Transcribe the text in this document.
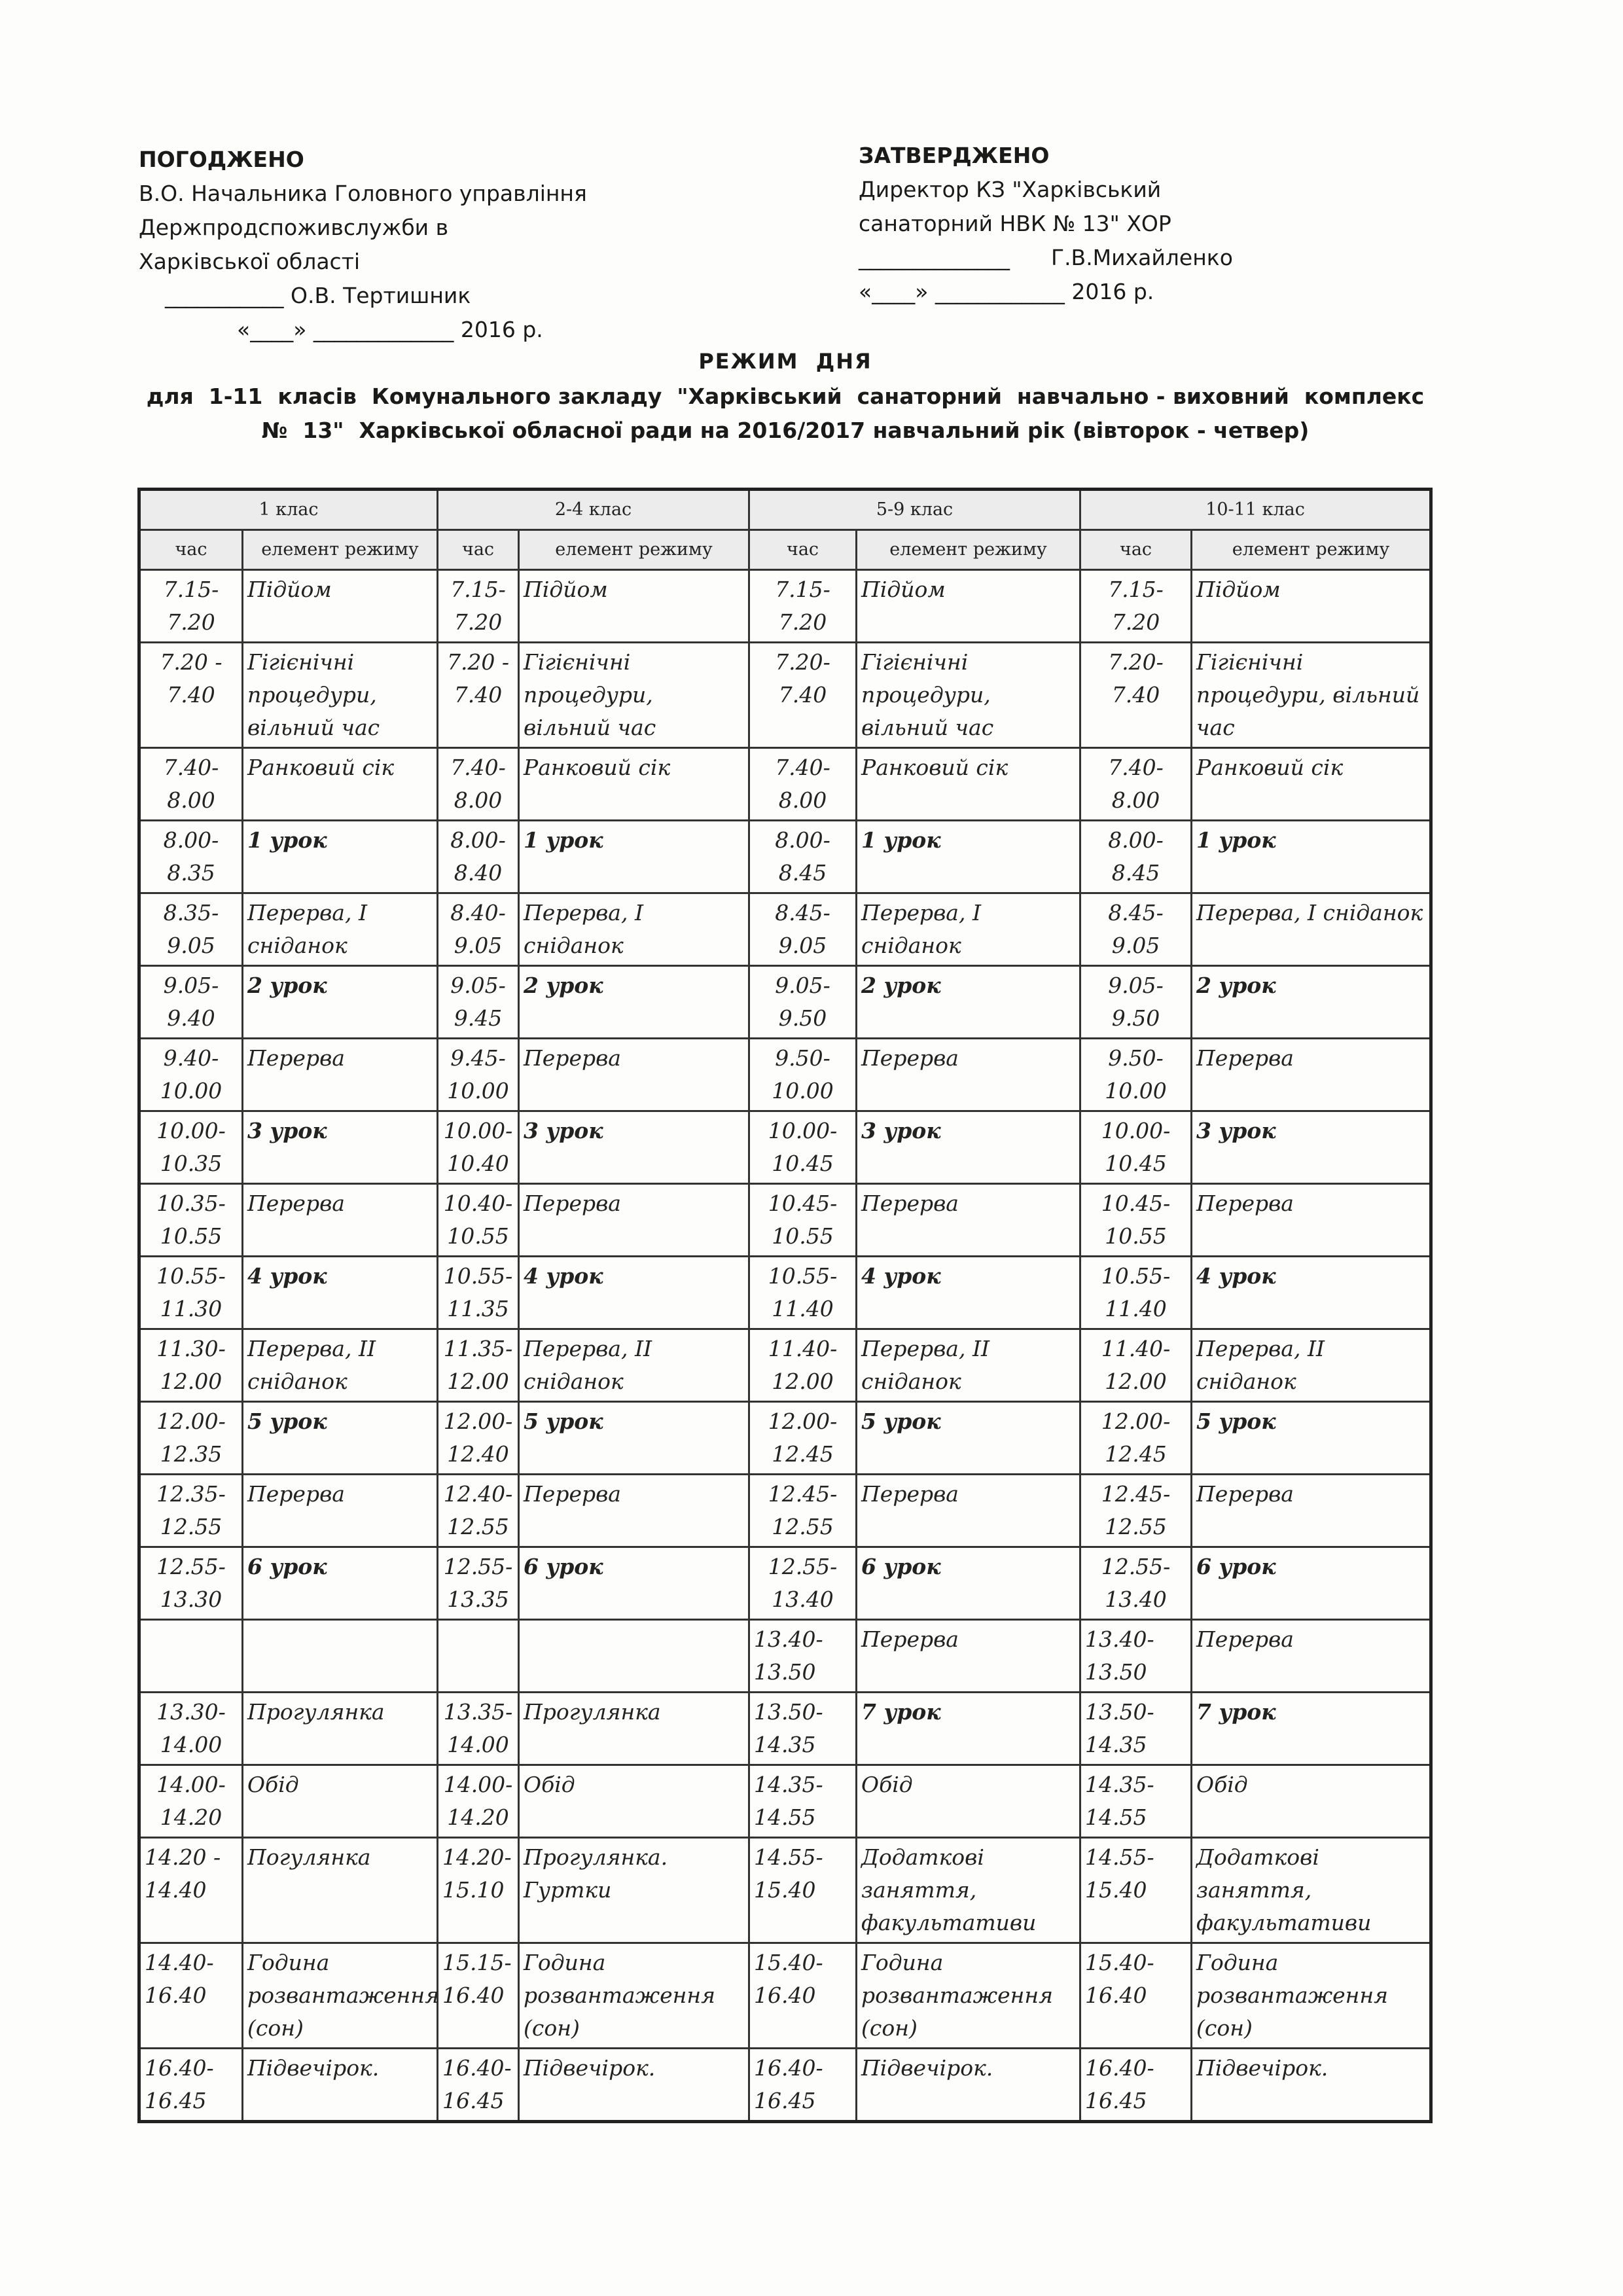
ПОГОДЖЕНО
В.О. Начальника Головного управління
Держпродспоживслужби в
Харківської області
___________ О.В. Тертишник
«____» _____________ 2016 р.
ЗАТВЕРДЖЕНО
Директор КЗ "Харківський
санаторний НВК № 13" ХОР
______________      Г.В.Михайленко
«____» ____________ 2016 р.
РЕЖИМ  ДНЯ
для  1-11  класів  Комунального закладу  "Харківський  санаторний  навчально - виховний  комплекс  №  13"  Харківської обласної ради на 2016/2017 навчальний рік (вівторок - четвер)
1 клас		2-4 клас		5-9 клас		10-11 клас	
час	елемент режиму	час	елемент режиму	час	елемент режиму	час	елемент режиму
7.15-7.20	Підйом	7.15-7.20	Підйом	7.15-7.20	Підйом	7.15-7.20	Підйом
7.20 - 7.40	Гігієнічні процедури, вільний час	7.20 - 7.40	Гігієнічні процедури, вільний час	7.20-7.40	Гігієнічні процедури, вільний час	7.20-7.40	Гігієнічні процедури, вільний час
7.40-8.00	Ранковий сік	7.40-8.00	Ранковий сік	7.40-8.00	Ранковий сік	7.40-8.00	Ранковий сік
8.00-8.35	1 урок	8.00-8.40	1 урок	8.00-8.45	1 урок	8.00-8.45	1 урок
8.35-9.05	Перерва, І сніданок	8.40-9.05	Перерва, І сніданок	8.45-9.05	Перерва, І сніданок	8.45-9.05	Перерва, І сніданок
9.05-9.40	2 урок	9.05-9.45	2 урок	9.05-9.50	2 урок	9.05-9.50	2 урок
9.40-10.00	Перерва	9.45-10.00	Перерва	9.50-10.00	Перерва	9.50-10.00	Перерва
10.00-10.35	3 урок	10.00-10.40	3 урок	10.00-10.45	3 урок	10.00-10.45	3 урок
10.35-10.55	Перерва	10.40-10.55	Перерва	10.45-10.55	Перерва	10.45-10.55	Перерва
10.55-11.30	4 урок	10.55-11.35	4 урок	10.55-11.40	4 урок	10.55-11.40	4 урок
11.30-12.00	Перерва, ІІ сніданок	11.35-12.00	Перерва, ІІ сніданок	11.40-12.00	Перерва, ІІ сніданок	11.40-12.00	Перерва, ІІ сніданок
12.00-12.35	5 урок	12.00-12.40	5 урок	12.00-12.45	5 урок	12.00-12.45	5 урок
12.35-12.55	Перерва	12.40-12.55	Перерва	12.45-12.55	Перерва	12.45-12.55	Перерва
12.55-13.30	6 урок	12.55-13.35	6 урок	12.55-13.40	6 урок	12.55-13.40	6 урок
				13.40-13.50	Перерва	13.40-13.50	Перерва
13.30-14.00	Прогулянка	13.35-14.00	Прогулянка	13.50-14.35	7 урок	13.50-14.35	7 урок
14.00-14.20	Обід	14.00-14.20	Обід	14.35-14.55	Обід	14.35-14.55	Обід
14.20 - 14.40	Погулянка	14.20-15.10	Прогулянка. Гуртки	14.55-15.40	Додаткові заняття, факультативи	14.55-15.40	Додаткові заняття, факультативи
14.40-16.40	Година розвантаження (сон)	15.15-16.40	Година розвантаження (сон)	15.40-16.40	Година розвантаження (сон)	15.40-16.40	Година розвантаження (сон)
16.40-16.45	Підвечірок.	16.40-16.45	Підвечірок.	16.40-16.45	Підвечірок.	16.40-16.45	Підвечірок.
